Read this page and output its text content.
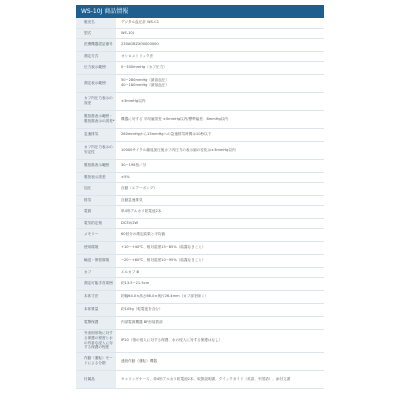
WS-10J 商品情報
販売名	デジタル血圧計 WS-C1
型式	WS-10J
医療機器認証番号	230AGBZX00000000
測定方式	オシロメトリック法
圧力表示範囲	0~300mmHg（カフ圧力）
測定表示範囲	50~280mmHg（最高血圧）
40~180mmHg（最低血圧）
カフ内圧力表示の誤差	±3mmHg以内
脈拍数表示範囲・脈拍数表示の誤差*	機器に対する 平均値誤差 ±5mmHg以内/標準偏差：8mmHg以内
急速排気	260mmHgから15mmHgへの急速排気時間は10秒以下
カフ内圧力表示の安定性	10000サイクル繰返加圧後カフ内圧力の表示値の変化は±3mmHg以内
脈拍数表示範囲	30~199拍／分
脈拍表示誤差	±5%
加圧	自動（エアーポンプ）
排気	自動急速排気
電源	単4形アルカリ乾電池2本
電気的定格	DC3V/2W
メモリー	60回分の測定結果と平均値
使用環境	+10~+40℃、相対湿度15~85%（結露なきこと）
輸送・保管環境	−20~+60℃、相対湿度10~95%（結露なきこと）
カフ	エルカフ Ⅲ
測定可能手首周囲	約13.5~21.5cm
本体寸法	約幅64.0×高さ66.0×奥行26.4mm（カフ部を除く）
本体質量	約105g（乾電池を含む）
電撃保護	内部電源機器 BF形装着部
外来固形物に対する保護の程度と水の有害な浸入に対する保護の程度	IP20（指の侵入に対する保護、水の侵入に対する保護はなし）
作動（運転）モードによる分類	連続作動（運転）機器
付属品	キャリングケース、単4形アルカリ乾電池2本、取扱説明書、クイックガイド（英語、中国語）、添付文書
